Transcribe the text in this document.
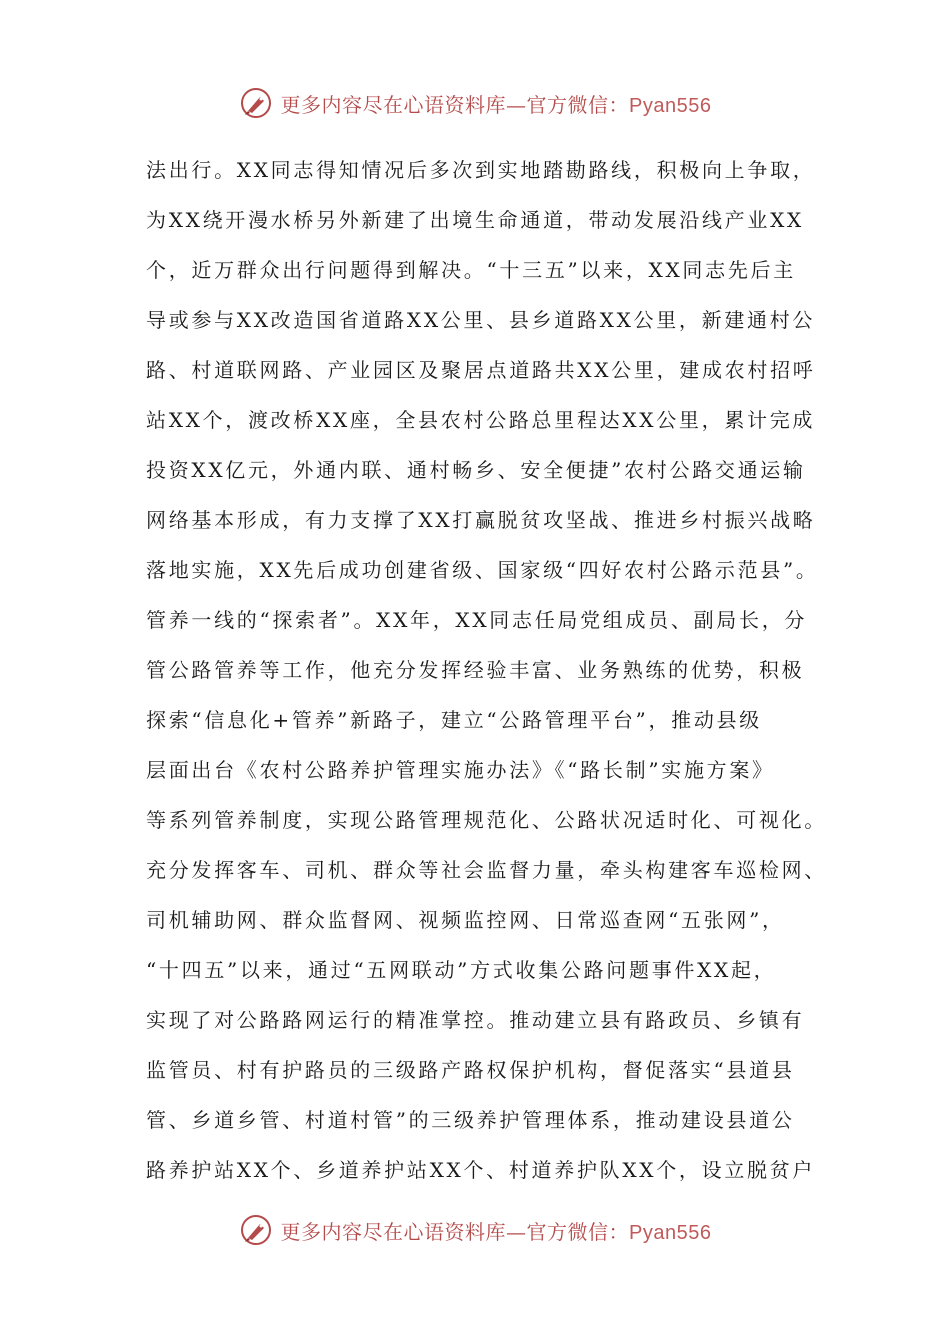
更多内容尽在心语资料库—官方微信：Pyan556
法出行。XX同志得知情况后多次到实地踏勘路线，积极向上争取，
为XX绕开漫水桥另外新建了出境生命通道，带动发展沿线产业XX
个，近万群众出行问题得到解决。“十三五”以来，XX同志先后主
导或参与XX改造国省道路XX公里、县乡道路XX公里，新建通村公
路、村道联网路、产业园区及聚居点道路共XX公里，建成农村招呼
站XX个，渡改桥XX座，全县农村公路总里程达XX公里，累计完成
投资XX亿元，外通内联、通村畅乡、安全便捷”农村公路交通运输
网络基本形成，有力支撑了XX打赢脱贫攻坚战、推进乡村振兴战略
落地实施，XX先后成功创建省级、国家级“四好农村公路示范县”。
管养一线的“探索者”。XX年，XX同志任局党组成员、副局长，分
管公路管养等工作，他充分发挥经验丰富、业务熟练的优势，积极
探索“信息化+管养”新路子，建立“公路管理平台”，推动县级
层面出台《农村公路养护管理实施办法》《“路长制”实施方案》
等系列管养制度，实现公路管理规范化、公路状况适时化、可视化。
充分发挥客车、司机、群众等社会监督力量，牵头构建客车巡检网、
司机辅助网、群众监督网、视频监控网、日常巡查网“五张网”，
“十四五”以来，通过“五网联动”方式收集公路问题事件XX起，
实现了对公路路网运行的精准掌控。推动建立县有路政员、乡镇有
监管员、村有护路员的三级路产路权保护机构，督促落实“县道县
管、乡道乡管、村道村管”的三级养护管理体系，推动建设县道公
路养护站XX个、乡道养护站XX个、村道养护队XX个，设立脱贫户
更多内容尽在心语资料库—官方微信：Pyan556
